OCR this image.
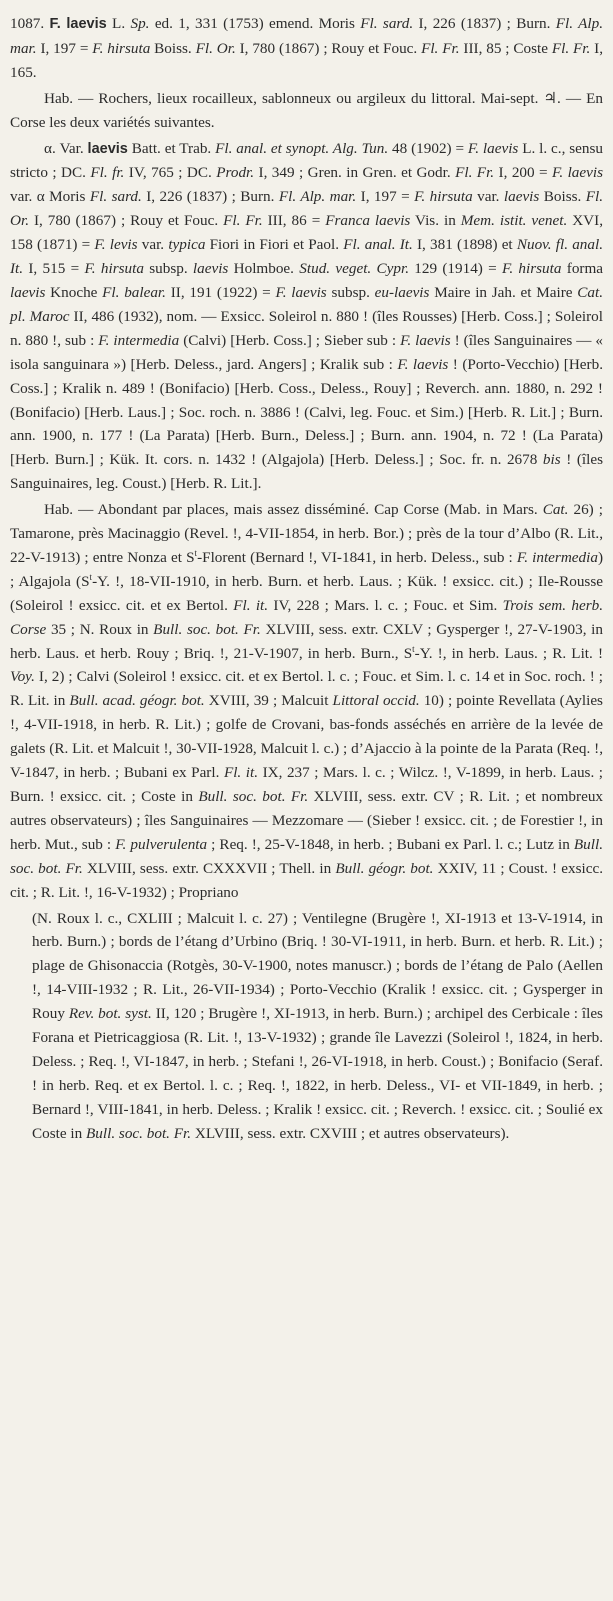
1087. F. laevis L. Sp. ed. 1, 331 (1753) emend. Moris Fl. sard. I, 226 (1837) ; Burn. Fl. Alp. mar. I, 197 = F. hirsuta Boiss. Fl. Or. I, 780 (1867) ; Rouy et Fouc. Fl. Fr. III, 85 ; Coste Fl. Fr. I, 165.

Hab. — Rochers, lieux rocailleux, sablonneux ou argileux du littoral. Mai-sept. ♃. — En Corse les deux variétés suivantes.

α. Var. laevis Batt. et Trab. Fl. anal. et synopt. Alg. Tun. 48 (1902) = F. laevis L. l. c., sensu stricto ; DC. Fl. fr. IV, 765 ; DC. Prodr. I, 349 ; Gren. in Gren. et Godr. Fl. Fr. I, 200 = F. laevis var. α Moris Fl. sard. I, 226 (1837) ; Burn. Fl. Alp. mar. I, 197 = F. hirsuta var. laevis Boiss. Fl. Or. I, 780 (1867) ; Rouy et Fouc. Fl. Fr. III, 86 = Franca laevis Vis. in Mem. istit. venet. XVI, 158 (1871) = F. levis var. typica Fiori in Fiori et Paol. Fl. anal. It. I, 381 (1898) et Nuov. fl. anal. It. I, 515 = F. hirsuta subsp. laevis Holmboe. Stud. veget. Cypr. 129 (1914) = F. hirsuta forma laevis Knoche Fl. balear. II, 191 (1922) = F. laevis subsp. eu-laevis Maire in Jah. et Maire Cat. pl. Maroc II, 486 (1932), nom. — Exsicc. Soleirol n. 880 ! (îles Rousses) [Herb. Coss.] ; Soleirol n. 880 !, sub : F. intermedia (Calvi) [Herb. Coss.] ; Sieber sub : F. laevis ! (îles Sanguinaires — « isola sanguinara ») [Herb. Deless., jard. Angers] ; Kralik sub : F. laevis ! (Porto-Vecchio) [Herb. Coss.] ; Kralik n. 489 ! (Bonifacio) [Herb. Coss., Deless., Rouy] ; Reverch. ann. 1880, n. 292 ! (Bonifacio) [Herb. Laus.] ; Soc. roch. n. 3886 ! (Calvi, leg. Fouc. et Sim.) [Herb. R. Lit.] ; Burn. ann. 1900, n. 177 ! (La Parata) [Herb. Burn., Deless.] ; Burn. ann. 1904, n. 72 ! (La Parata) [Herb. Burn.] ; Kük. It. cors. n. 1432 ! (Algajola) [Herb. Deless.] ; Soc. fr. n. 2678 bis ! (îles Sanguinaires, leg. Coust.) [Herb. R. Lit.].

Hab. — Abondant par places, mais assez disséminé. Cap Corse (Mab. in Mars. Cat. 26) ; Tamarone, près Macinaggio (Revel. !, 4-VII-1854, in herb. Bor.) ; près de la tour d’Albo (R. Lit., 22-V-1913) ; entre Nonza et $S^t$-Florent (Bernard !, VI-1841, in herb. Deless., sub : F. intermedia) ; Algajola ($S^t-Y$. !, 18-VII-1910, in herb. Burn. et herb. Laus. ; Kük. ! exsicc. cit.) ; Ile-Rousse (Soleirol ! exsicc. cit. et ex Bertol. Fl. it. IV, 228 ; Mars. l. c. ; Fouc. et Sim. Trois sem. herb. Corse 35 ; N. Roux in Bull. soc. bot. Fr. XLVIII, sess. extr. CXLV ; Gysperger !, 27-V-1903, in herb. Laus. et herb. Rouy ; Briq. !, 21-V-1907, in herb. Burn., $S^t-Y$. !, in herb. Laus. ; R. Lit. ! Voy. I, 2) ; Calvi (Soleirol ! exsicc. cit. et ex Bertol. l. c. ; Fouc. et Sim. l. c. 14 et in Soc. roch. ! ; R. Lit. in Bull. acad. géogr. bot. XVIII, 39 ; Malcuit Littoral occid. 10) ; pointe Revellata (Aylies !, 4-VII-1918, in herb. R. Lit.) ; golfe de Crovani, bas-fonds asséchés en arrière de la levée de galets (R. Lit. et Malcuit !, 30-VII-1928, Malcuit l. c.) ; d’Ajaccio à la pointe de la Parata (Req. !, V-1847, in herb. ; Bubani ex Parl. Fl. it. IX, 237 ; Mars. l. c. ; Wilcz. !, V-1899, in herb. Laus. ; Burn. ! exsicc. cit. ; Coste in Bull. soc. bot. Fr. XLVIII, sess. extr. CV ; R. Lit. ; et nombreux autres observateurs) ; îles Sanguinaires — Mezzomare — (Sieber ! exsicc. cit. ; de Forestier !, in herb. Mut., sub : F. pulverulenta ; Req. !, 25-V-1848, in herb. ; Bubani ex Parl. l. c.; Lutz in Bull. soc. bot. Fr. XLVIII, sess. extr. CXXXVII ; Thell. in Bull. géogr. bot. XXIV, 11 ; Coust. ! exsicc. cit. ; R. Lit. !, 16-V-1932) ; Propriano

(N. Roux l. c., CXLIII ; Malcuit l. c. 27) ; Ventilegne (Brugère !, XI-1913 et 13-V-1914, in herb. Burn.) ; bords de l’étang d’Urbino (Briq. ! 30-VI-1911, in herb. Burn. et herb. R. Lit.) ; plage de Ghisonaccia (Rotgès, 30-V-1900, notes manuscr.) ; bords de l’étang de Palo (Aellen !, 14-VIII-1932 ; R. Lit., 26-VII-1934) ; Porto-Vecchio (Kralik ! exsicc. cit. ; Gysperger in Rouy Rev. bot. syst. II, 120 ; Brugère !, XI-1913, in herb. Burn.) ; archipel des Cerbicale : îles Forana et Pietricaggiosa (R. Lit. !, 13-V-1932) ; grande île Lavezzi (Soleirol !, 1824, in herb. Deless. ; Req. !, VI-1847, in herb. ; Stefani !, 26-VI-1918, in herb. Coust.) ; Bonifacio (Seraf. ! in herb. Req. et ex Bertol. l. c. ; Req. !, 1822, in herb. Deless., VI- et VII-1849, in herb. ; Bernard !, VIII-1841, in herb. Deless. ; Kralik ! exsicc. cit. ; Reverch. ! exsicc. cit. ; Soulié ex Coste in Bull. soc. bot. Fr. XLVIII, sess. extr. CXVIII ; et autres observateurs).
